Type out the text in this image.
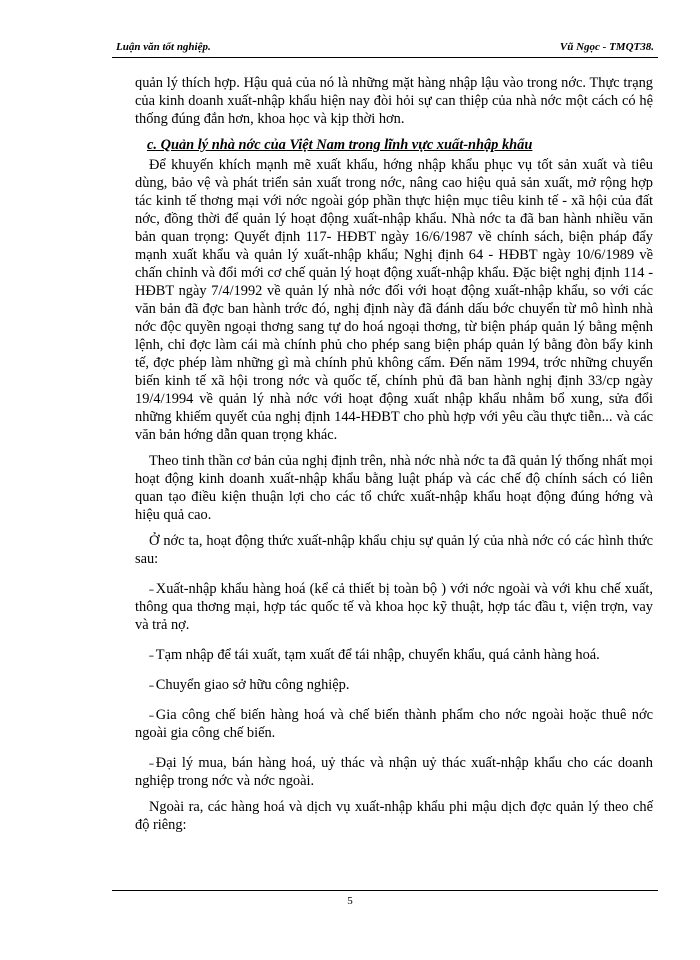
Luận văn tốt nghiệp.	Vũ Ngọc - TMQT38.

quản lý thích hợp. Hậu quả của nó là những mặt hàng nhập lậu vào trong nớc. Thực trạng của kinh doanh xuất-nhập khẩu hiện nay đòi hỏi sự can thiệp của nhà nớc một cách có hệ thống đúng đắn hơn, khoa học và kịp thời hơn.

c. Quản lý nhà nớc của Việt Nam trong lĩnh vực xuất-nhập khẩu

Để khuyến khích mạnh mẽ xuất khẩu, hớng nhập khẩu phục vụ tốt sản xuất và tiêu dùng, bảo vệ và phát triển sản xuất trong nớc, nâng cao hiệu quả sản xuất, mở rộng hợp tác kinh tế thơng mại với nớc ngoài góp phần thực hiện mục tiêu kinh tế - xã hội của đất nớc, đồng thời để quản lý hoạt động xuất-nhập khẩu. Nhà nớc ta đã ban hành nhiều văn bản quan trọng: Quyết định 117- HĐBT ngày 16/6/1987 về chính sách, biện pháp đẩy mạnh xuất khẩu và quản lý xuất-nhập khẩu; Nghị định 64 - HĐBT ngày 10/6/1989 về chấn chỉnh và đổi mới cơ chế quản lý hoạt động xuất-nhập khẩu. Đặc biệt nghị định 114 - HĐBT ngày 7/4/1992 về quản lý nhà nớc đối với hoạt động xuất-nhập khẩu, so với các văn bản đã đợc ban hành trớc đó, nghị định này đã đánh dấu bớc chuyển từ mô hình nhà nớc độc quyền ngoại thơng sang tự do hoá ngoại thơng, từ biện pháp quản lý bằng mệnh lệnh, chỉ đợc làm cái mà chính phủ cho phép sang biện pháp quản lý bằng đòn bẩy kinh tế, đợc phép làm những gì mà chính phủ không cấm. Đến năm 1994, trớc những chuyển biến kinh tế xã hội trong nớc và quốc tế, chính phủ đã ban hành nghị định 33/cp ngày 19/4/1994 về quản lý nhà nớc với hoạt động xuất nhập khẩu nhằm bổ xung, sửa đổi những khiếm quyết của nghị định 144-HĐBT cho phù hợp với yêu cầu thực tiễn... và các văn bản hớng dẫn quan trọng khác.

Theo tinh thần cơ bản của nghị định trên, nhà nớc nhà nớc ta đã quản lý thống nhất mọi hoạt động kinh doanh xuất-nhập khẩu bằng luật pháp và các chế độ chính sách có liên quan tạo điều kiện thuận lợi cho các tổ chức xuất-nhập khẩu hoạt động đúng hớng và hiệu quả cao.

Ở nớc ta, hoạt động thức xuất-nhập khẩu chịu sự quản lý của nhà nớc có các hình thức sau:

˗ Xuất-nhập khẩu hàng hoá (kể cả thiết bị toàn bộ ) với nớc ngoài và với khu chế xuất, thông qua thơng mại, hợp tác quốc tế và khoa học kỹ thuật, hợp tác đầu t, viện trợn, vay và trả nợ.

˗ Tạm nhập để tái xuất, tạm xuất để tái nhập, chuyển khẩu, quá cảnh hàng hoá.

˗ Chuyển giao sở hữu công nghiệp.

˗ Gia công chế biến hàng hoá và chế biến thành phẩm cho nớc ngoài hoặc thuê nớc ngoài gia công chế biến.

˗ Đại lý mua, bán hàng hoá, uỷ thác và nhận uỷ thác xuất-nhập khẩu cho các doanh nghiệp trong nớc và nớc ngoài.

Ngoài ra, các hàng hoá và dịch vụ xuất-nhập khẩu phi mậu dịch đợc quản lý theo chế độ riêng:

5
